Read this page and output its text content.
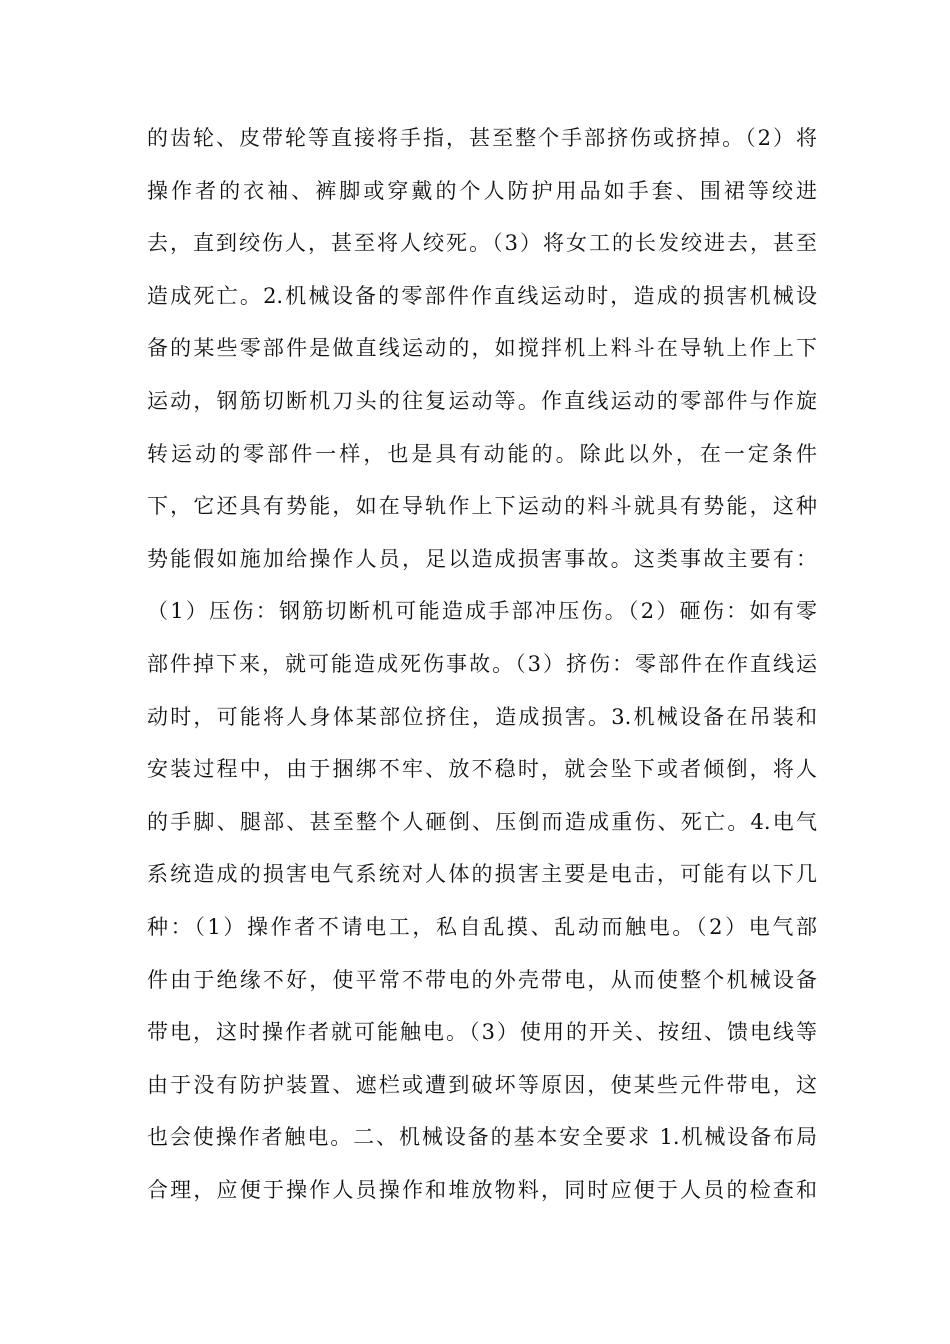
的齿轮、皮带轮等直接将手指，甚至整个手部挤伤或挤掉。（2）将
操作者的衣袖、裤脚或穿戴的个人防护用品如手套、围裙等绞进
去，直到绞伤人，甚至将人绞死。（3）将女工的长发绞进去，甚至
造成死亡。2.机械设备的零部件作直线运动时，造成的损害机械设
备的某些零部件是做直线运动的，如搅拌机上料斗在导轨上作上下
运动，钢筋切断机刀头的往复运动等。作直线运动的零部件与作旋
转运动的零部件一样，也是具有动能的。除此以外，在一定条件
下，它还具有势能，如在导轨作上下运动的料斗就具有势能，这种
势能假如施加给操作人员，足以造成损害事故。这类事故主要有：
（1）压伤：钢筋切断机可能造成手部冲压伤。（2）砸伤：如有零
部件掉下来，就可能造成死伤事故。（3）挤伤：零部件在作直线运
动时，可能将人身体某部位挤住，造成损害。3.机械设备在吊装和
安装过程中，由于捆绑不牢、放不稳时，就会坠下或者倾倒，将人
的手脚、腿部、甚至整个人砸倒、压倒而造成重伤、死亡。4.电气
系统造成的损害电气系统对人体的损害主要是电击，可能有以下几
种：（1）操作者不请电工，私自乱摸、乱动而触电。（2）电气部
件由于绝缘不好，使平常不带电的外壳带电，从而使整个机械设备
带电，这时操作者就可能触电。（3）使用的开关、按纽、馈电线等
由于没有防护装置、遮栏或遭到破坏等原因，使某些元件带电，这
也会使操作者触电。二、机械设备的基本安全要求 1.机械设备布局
合理，应便于操作人员操作和堆放物料，同时应便于人员的检查和
